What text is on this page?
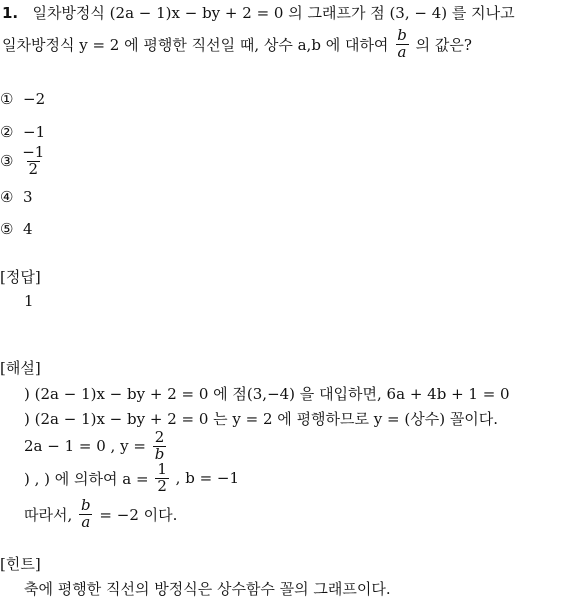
1. 일차방정식 (2a − 1)x − by + 2 = 0 의 그래프가 점 (3, − 4) 를 지나고
일차방정식 y = 2 에 평행한 직선일 때, 상수 a,b 에 대하여
$\frac{b}{a}$
의 값은?
① −2
② −1
③
$\frac{-1}{2}$
④ 3
⑤ 4
[정답]
1
[해설]
) (2a − 1)x − by + 2 = 0 에 점(3,−4) 을 대입하면, 6a + 4b + 1 = 0
) (2a − 1)x − by + 2 = 0 는 y = 2 에 평행하므로 y = (상수) 꼴이다.
2a − 1 = 0 , y =
$\frac{2}{b}$
) , ) 에 의하여 a =
$\frac{1}{2}$
, b = −1
따라서,
$\frac{b}{a}$
= −2 이다.
[힌트]
축에 평행한 직선의 방정식은 상수함수 꼴의 그래프이다.
